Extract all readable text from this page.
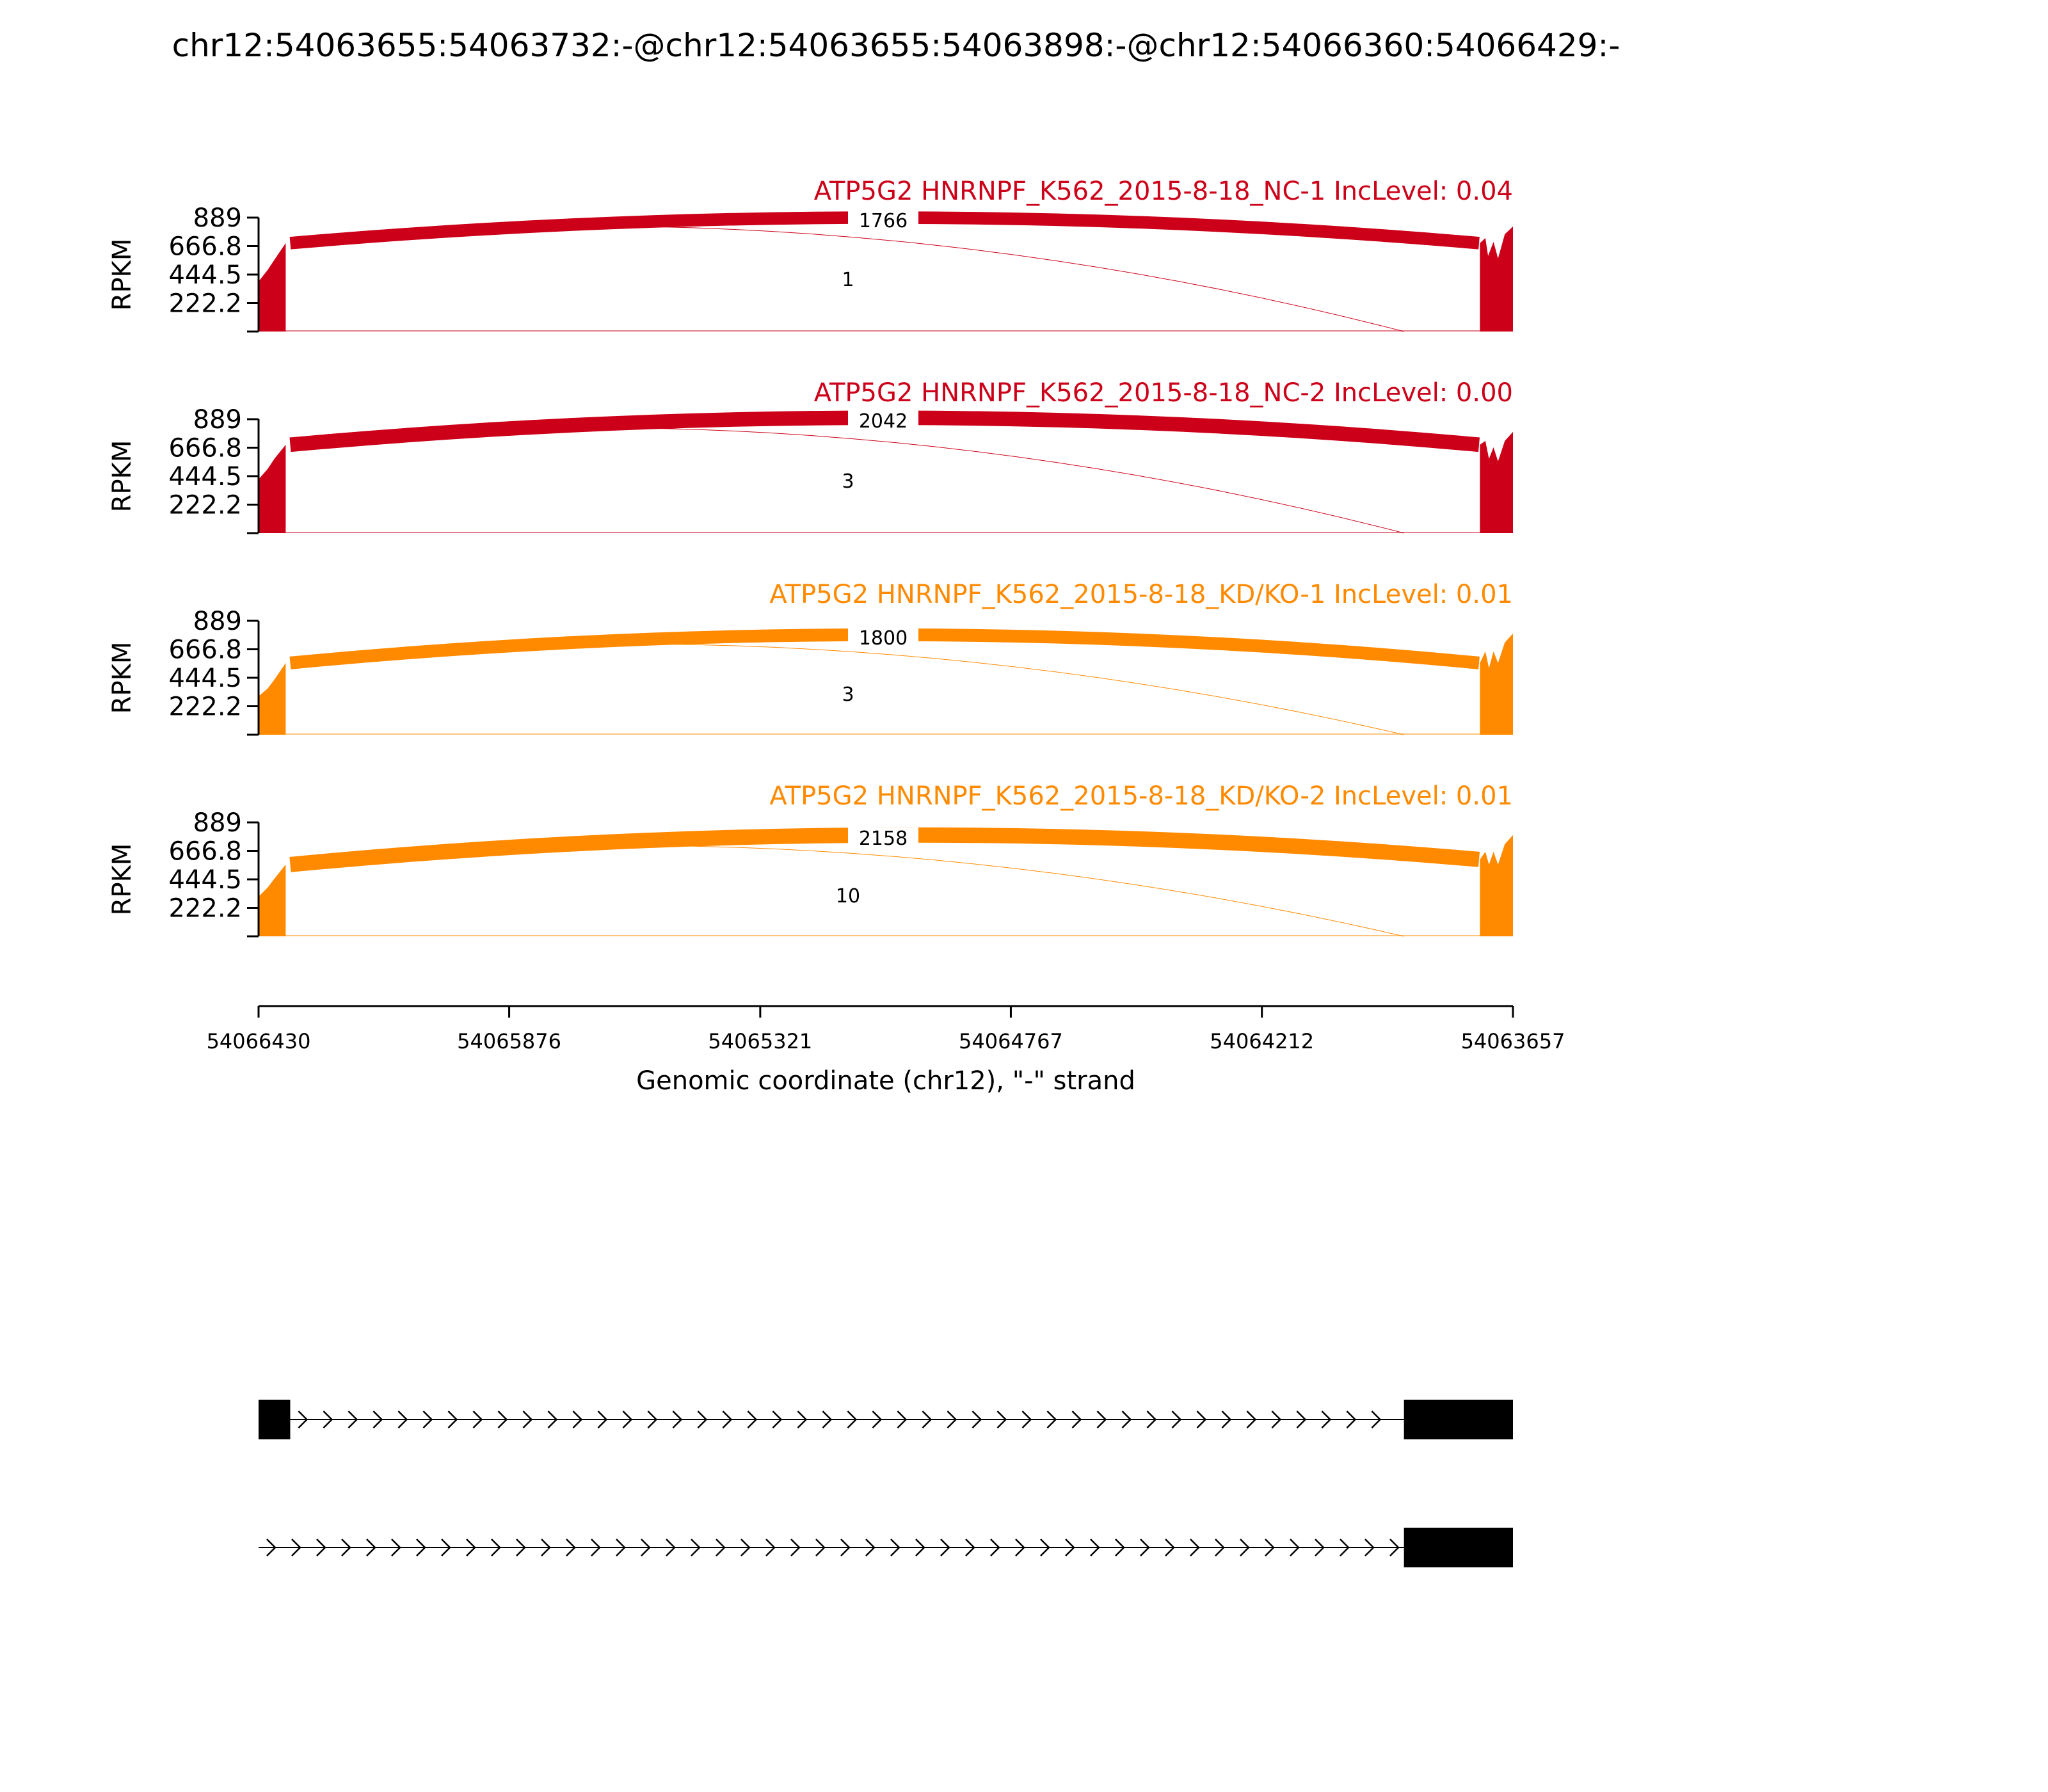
chr12:54063655:54063732:-@chr12:54063655:54063898:-@chr12:54066360:54066429:-
1766
1
ATP5G2 HNRNPF_K562_2015-8-18_NC-1 IncLevel: 0.04
889
666.8
444.5
222.2
RPKM
2042
3
ATP5G2 HNRNPF_K562_2015-8-18_NC-2 IncLevel: 0.00
889
666.8
444.5
222.2
RPKM
1800
3
ATP5G2 HNRNPF_K562_2015-8-18_KD/KO-1 IncLevel: 0.01
889
666.8
444.5
222.2
RPKM
2158
10
ATP5G2 HNRNPF_K562_2015-8-18_KD/KO-2 IncLevel: 0.01
889
666.8
444.5
222.2
RPKM
54066430	54065876	54065321	54064767	54064212	54063657
Genomic coordinate (chr12), "-" strand
